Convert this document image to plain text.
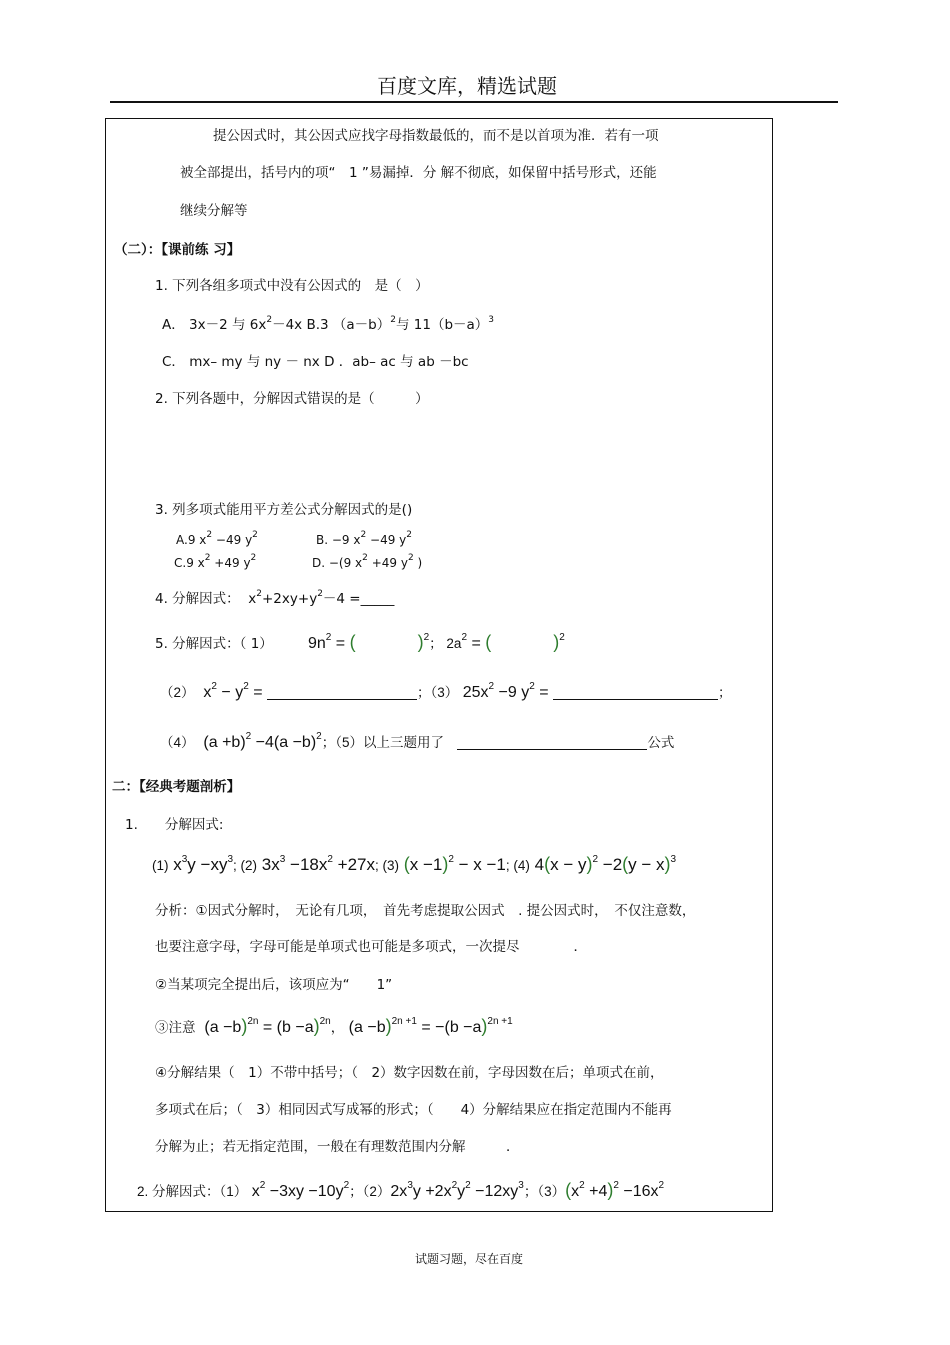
百度文库，精选试题
提公因式时，其公因式应找字母指数最低的，而不是以首项为准．若有一项
被全部提出，括号内的项“　1 ”易漏掉．分 解不彻底，如保留中括号形式，还能
继续分解等
（二）：【课前练 习】
1. 下列各组多项式中没有公因式的　是（　）
A． 3x－2 与 $6x^2-4x$ B.3 $(a-b)^2$与 $11(b-a)^3$
C． mx– my 与 ny － nx D ．ab– ac 与 ab －bc
2. 下列各题中，分解因式错误的是（　　　）
3. 列多项式能用平方差公式分解因式的是()
A.9 $x^2 -49$ $y^2$	B. −9 $x^2 -49$ $y^2$
C.9 $x^2 +49$ $y^2$	D. −(9 $x^2 +49$ $y^2$ )
4. 分解因式： $x^2+2xy+y^2-4$ =_____
5. 分解因式：（ 1） $9n^2$ = (	)$^2$； $2a^2$ = (	)$^2$
（2） $x^2 - y^2$ =	；（3） $25x^2 -9$ $y^2$ =	；
（4） $(a +b)^2 -4(a -b)^2$；（5）以上三题用了	公式
二：【经典考题剖析】
1.　　分解因式:
(1) $x^3y -xy^3$; (2) $3x^3 -18x^2 +27x$; (3) $(x -1)^2 - x -1$; (4) $4(x - y)^2 -2(y - x)^3$
分析：①因式分解时，　无论有几项，　首先考虑提取公因式　. 提公因式时，　不仅注意数，
也要注意字母，字母可能是单项式也可能是多项式，一次提尽　　　　．
②当某项完全提出后，该项应为“　　1”
③注意 $(a -b)^{2n} = (b -a)^{2n}$， $(a -b)^{2n +1} = -(b -a)^{2n +1}$
④分解结果（　1）不带中括号；（　2）数字因数在前，字母因数在后；单项式在前，
多项式在后；（　3）相同因式写成幂的形式；（　　4）分解结果应在指定范围内不能再
分解为止；若无指定范围，一般在有理数范围内分解　　　．
2. 分解因式：（1） $x^2 -3xy -10y^2$；$(2)2x^3y +2x^2y^2 -12xy^3$；$(3)(x^2 +4)^2 -16x^2$
试题习题，尽在百度
